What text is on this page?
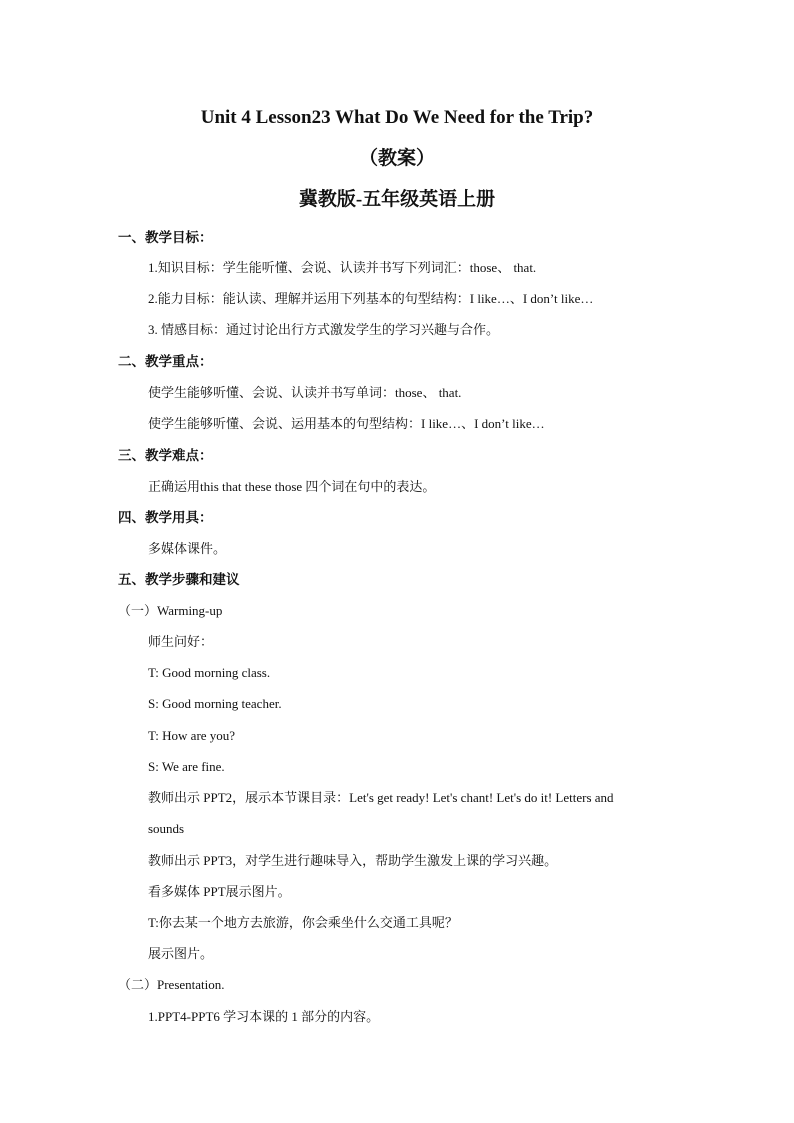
Unit 4 Lesson23 What Do We Need for the Trip?
（教案）
冀教版-五年级英语上册
一、教学目标：
1.知识目标：学生能听懂、会说、认读并书写下列词汇：those、 that.
2.能力目标：能认读、理解并运用下列基本的句型结构：I like…、I don’t like…
3. 情感目标：通过讨论出行方式激发学生的学习兴趣与合作。
二、教学重点：
使学生能够听懂、会说、认读并书写单词：those、 that.
使学生能够听懂、会说、运用基本的句型结构：I like…、I don’t like…
三、教学难点：
正确运用this that these those 四个词在句中的表达。
四、教学用具：
多媒体课件。
五、教学步骤和建议
（一）Warming-up
师生问好：
T: Good morning class.
S: Good morning teacher.
T: How are you?
S: We are fine.
教师出示 PPT2，展示本节课目录：Let's get ready! Let's chant! Let's do it! Letters and
sounds
教师出示 PPT3，对学生进行趣味导入，帮助学生激发上课的学习兴趣。
看多媒体 PPT展示图片。
T:你去某一个地方去旅游，你会乘坐什么交通工具呢？
展示图片。
（二）Presentation.
1.PPT4-PPT6 学习本课的 1 部分的内容。
